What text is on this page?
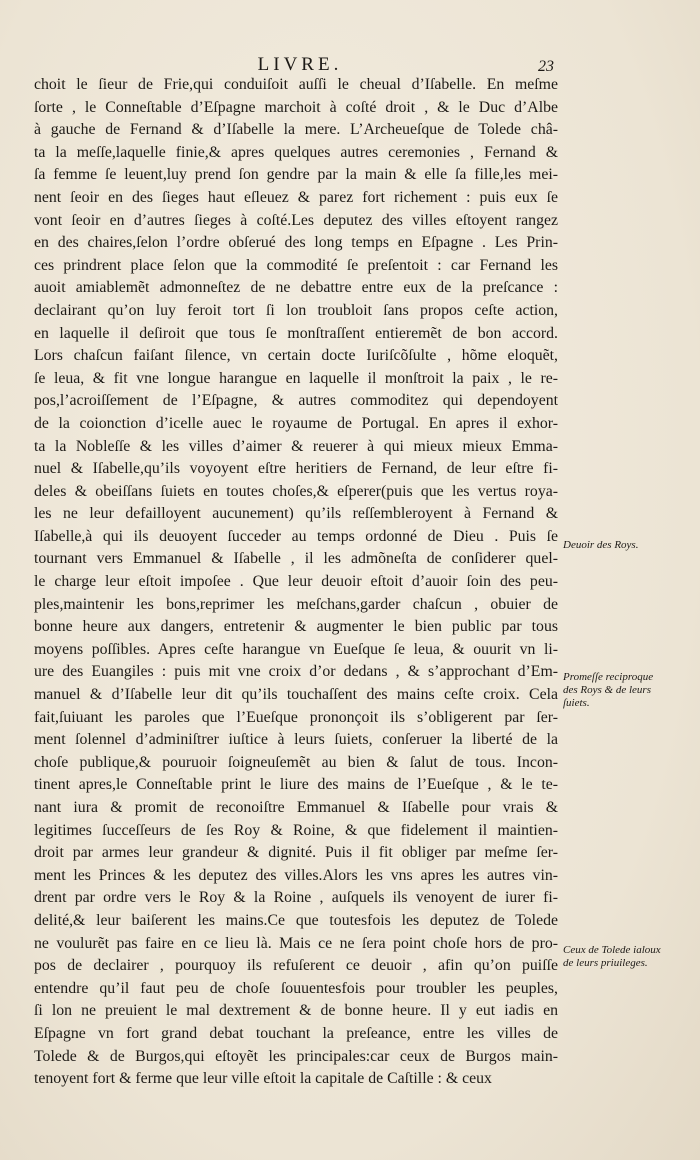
LIVRE.	23
choit le ſieur de Frie,qui conduiſoit auſſi le cheual d’Iſabelle. En meſme
ſorte , le Conneſtable d’Eſpagne marchoit à coſté droit , & le Duc d’Albe
à gauche de Fernand & d’Iſabelle la mere. L’Archeueſque de Tolede châ-
ta la meſſe,laquelle finie,& apres quelques autres ceremonies , Fernand &
ſa femme ſe leuent,luy prend ſon gendre par la main & elle ſa fille,les mei-
nent ſeoir en des ſieges haut eſleuez & parez fort richement : puis eux ſe
vont ſeoir en d’autres ſieges à coſté.Les deputez des villes eſtoyent rangez
en des chaires,ſelon l’ordre obſerué des long temps en Eſpagne . Les Prin-
ces prindrent place ſelon que la commodité ſe preſentoit : car Fernand les
auoit amiablemẽt admonneſtez de ne debattre entre eux de la preſcance :
declairant qu’on luy feroit tort ſi lon troubloit ſans propos ceſte action,
en laquelle il deſiroit que tous ſe monſtraſſent entieremẽt de bon accord.
Lors chaſcun faiſant ſilence, vn certain docte Iuriſcõſulte , hõme eloquẽt,
ſe leua, & fit vne longue harangue en laquelle il monſtroit la paix , le re-
pos,l’acroiſſement de l’Eſpagne, & autres commoditez qui dependoyent
de la coionction d’icelle auec le royaume de Portugal. En apres il exhor-
ta la Nobleſſe & les villes d’aimer & reuerer à qui mieux mieux Emma-
nuel & Iſabelle,qu’ils voyoyent eſtre heritiers de Fernand, de leur eſtre fi-
deles & obeiſſans ſuiets en toutes choſes,& eſperer(puis que les vertus roya-
les ne leur defailloyent aucunement) qu’ils reſſembleroyent à Fernand &
Iſabelle,à qui ils deuoyent ſucceder au temps ordonné de Dieu . Puis ſe
tournant vers Emmanuel & Iſabelle , il les admõneſta de conſiderer quel-
le charge leur eſtoit impoſee . Que leur deuoir eſtoit d’auoir ſoin des peu-
ples,maintenir les bons,reprimer les meſchans,garder chaſcun , obuier de
bonne heure aux dangers, entretenir & augmenter le bien public par tous
moyens poſſibles. Apres ceſte harangue vn Eueſque ſe leua, & ouurit vn li-
ure des Euangiles : puis mit vne croix d’or dedans , & s’approchant d’Em-
manuel & d’Iſabelle leur dit qu’ils touchaſſent des mains ceſte croix. Cela
fait,ſuiuant les paroles que l’Eueſque prononçoit ils s’obligerent par ſer-
ment ſolennel d’adminiſtrer iuſtice à leurs ſuiets, conſeruer la liberté de la
choſe publique,& pouruoir ſoigneuſemẽt au bien & ſalut de tous. Incon-
tinent apres,le Conneſtable print le liure des mains de l’Eueſque , & le te-
nant iura & promit de reconoiſtre Emmanuel & Iſabelle pour vrais &
legitimes ſucceſſeurs de ſes Roy & Roine, & que fidelement il maintien-
droit par armes leur grandeur & dignité. Puis il fit obliger par meſme ſer-
ment les Princes & les deputez des villes.Alors les vns apres les autres vin-
drent par ordre vers le Roy & la Roine , auſquels ils venoyent de iurer fi-
delité,& leur baiſerent les mains.Ce que toutesfois les deputez de Tolede
ne voulurẽt pas faire en ce lieu là. Mais ce ne ſera point choſe hors de pro-
pos de declairer , pourquoy ils refuſerent ce deuoir , afin qu’on puiſſe
entendre qu’il faut peu de choſe ſouuentesfois pour troubler les peuples,
ſi lon ne preuient le mal dextrement & de bonne heure. Il y eut iadis en
Eſpagne vn fort grand debat touchant la preſeance, entre les villes de
Tolede & de Burgos,qui eſtoyẽt les principales:car ceux de Burgos main-
tenoyent fort & ferme que leur ville eſtoit la capitale de Caſtille : & ceux
Deuoir des Roys.
Promeſſe reciproque des Roys & de leurs ſuiets.
Ceux de Tolede ialoux de leurs priuileges.
